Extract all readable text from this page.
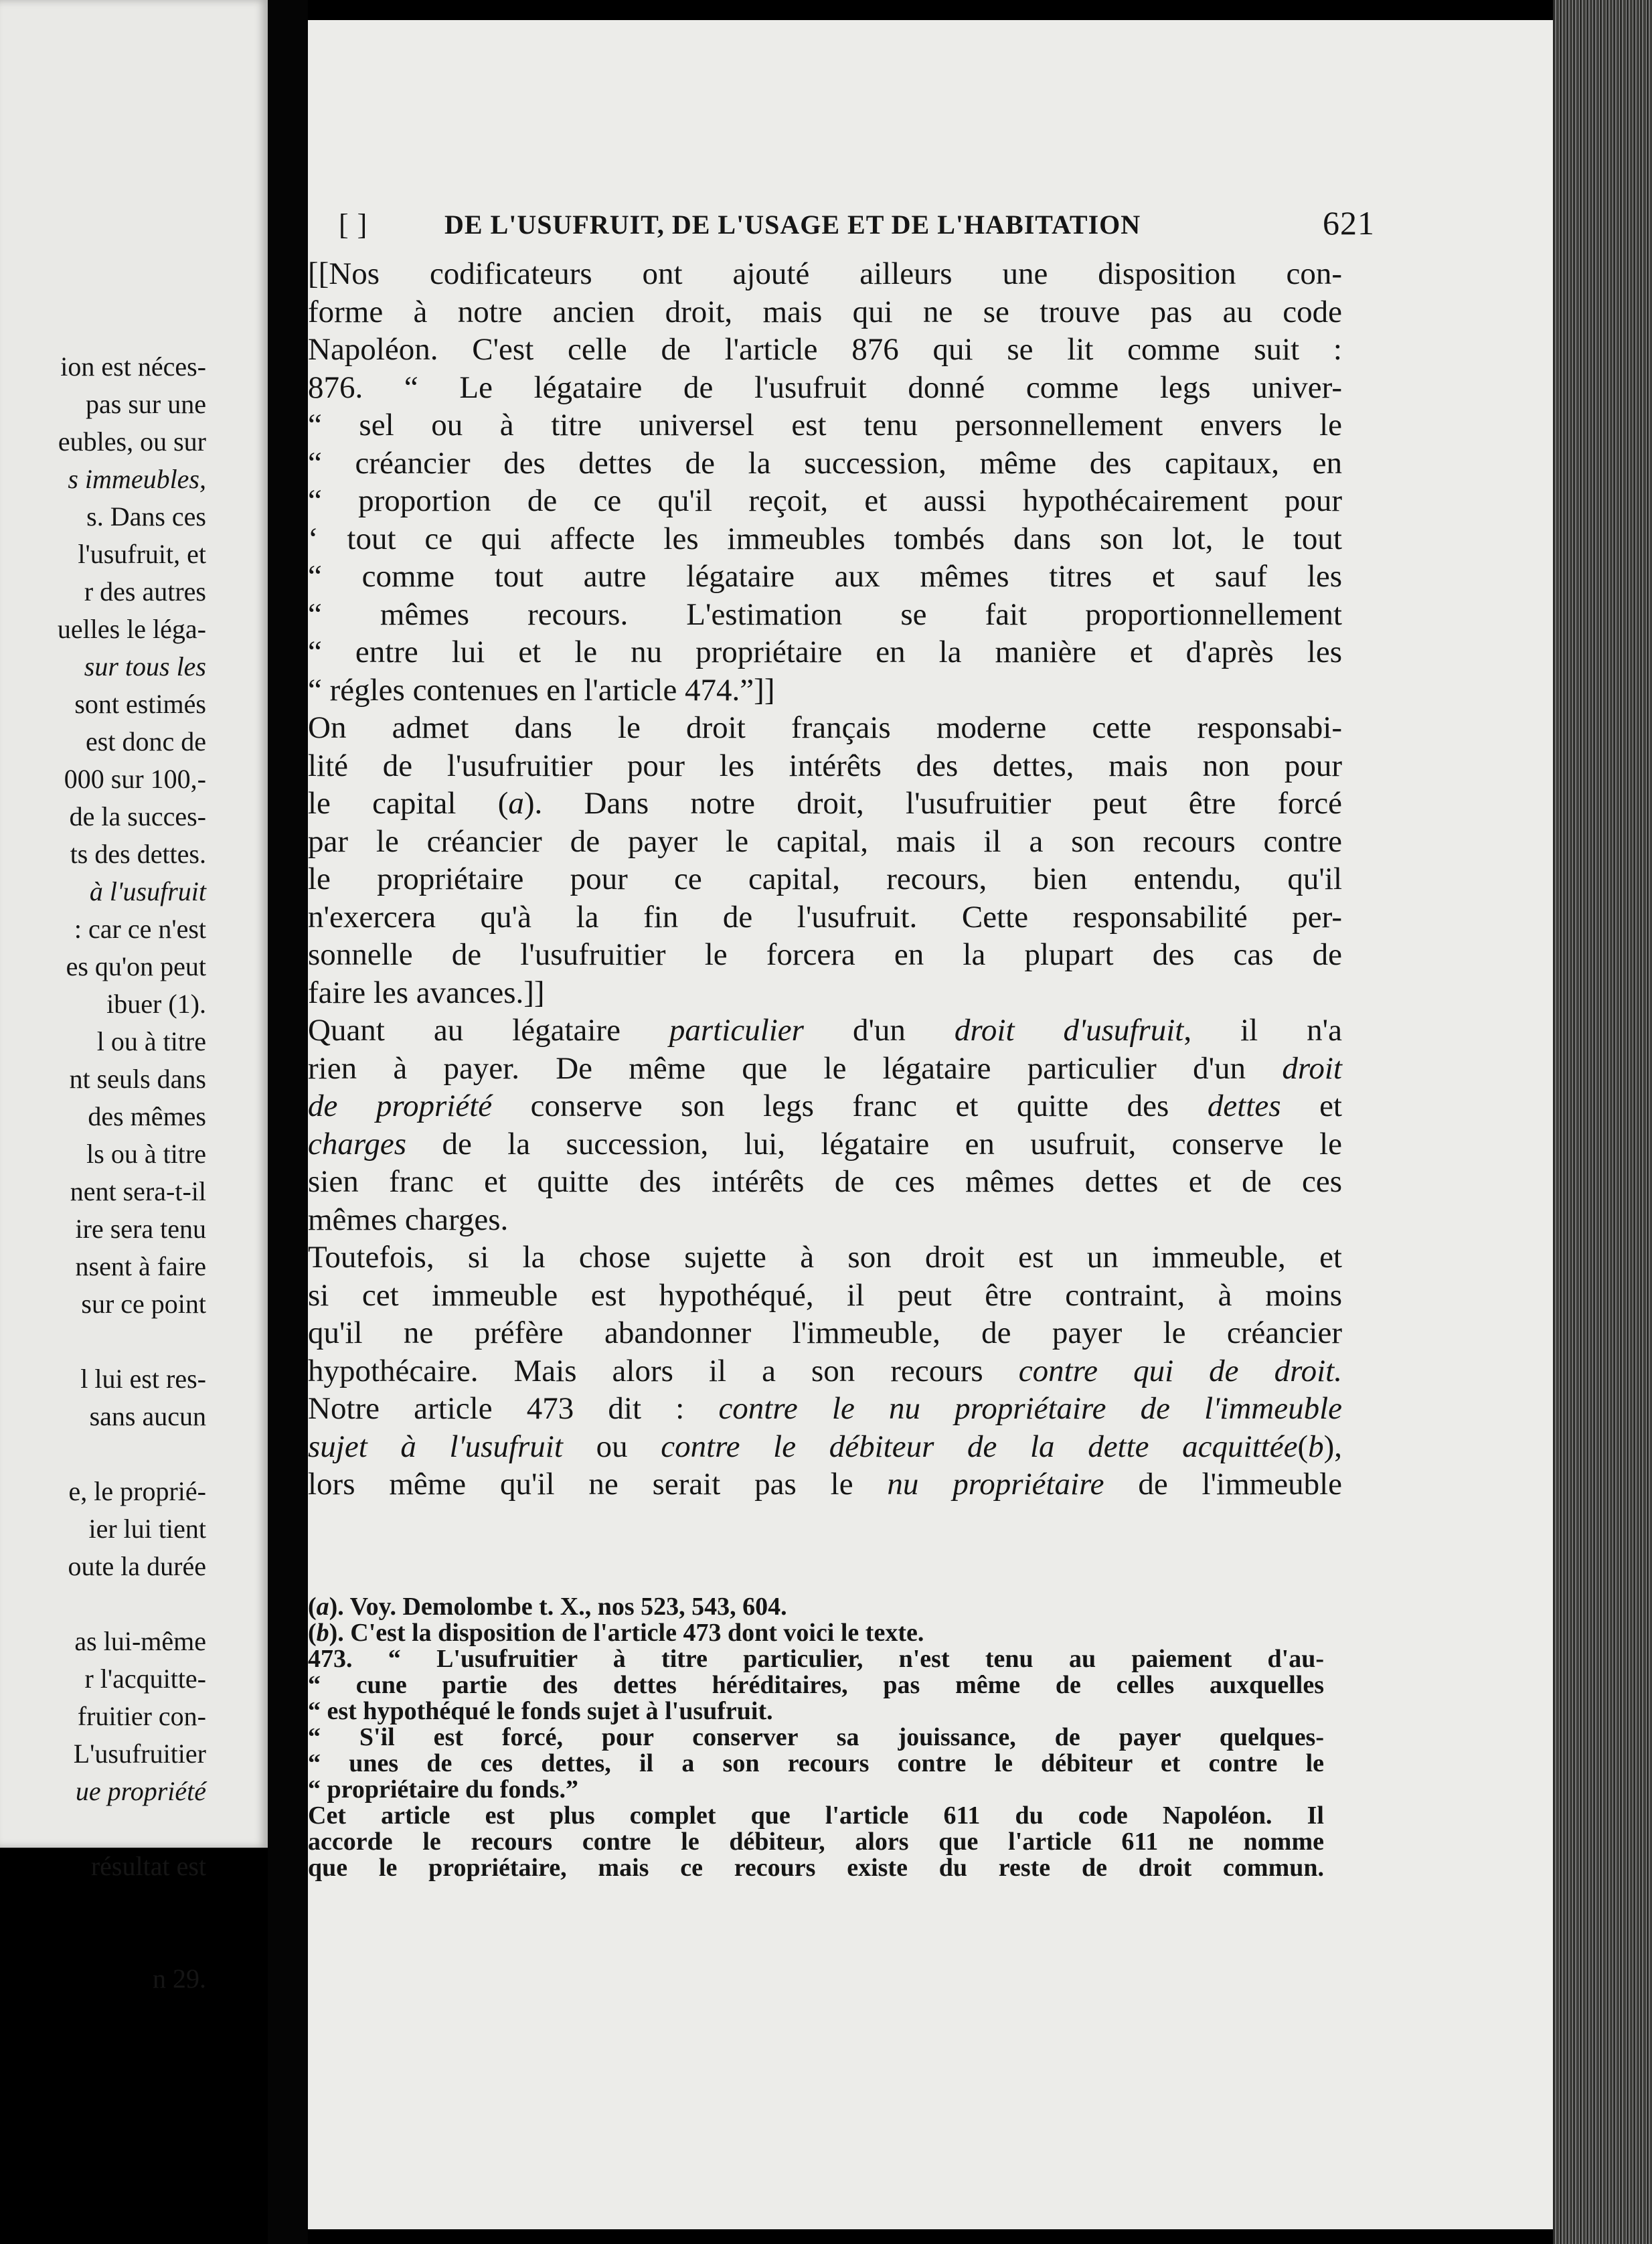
ion est néces-
pas sur une
eubles, ou sur
s immeubles,
s. Dans ces
l'usufruit, et
r des autres
uelles le léga-
sur tous les
sont estimés
est donc de
000 sur 100,-
de la succes-
ts des dettes.
à l'usufruit
: car ce n'est
es qu'on peut
ibuer (1).
l ou à titre
nt seuls dans
des mêmes
ls ou à titre
nent sera-t-il
ire sera tenu
nsent à faire
sur ce point
l lui est res-
sans aucun
e, le proprié-
ier lui tient
oute la durée
as lui-même
r l'acquitte-
fruitier con-
L'usufruitier
ue propriété
résultat est
n 29.
[ ]	DE L'USUFRUIT, DE L'USAGE ET DE L'HABITATION	621
[[Nos codificateurs ont ajouté ailleurs une disposition con-
forme à notre ancien droit, mais qui ne se trouve pas au code
Napoléon. C'est celle de l'article 876 qui se lit comme suit :
876. “ Le légataire de l'usufruit donné comme legs univer-
“ sel ou à titre universel est tenu personnellement envers le
“ créancier des dettes de la succession, même des capitaux, en
“ proportion de ce qu'il reçoit, et aussi hypothécairement pour
‘ tout ce qui affecte les immeubles tombés dans son lot, le tout
“ comme tout autre légataire aux mêmes titres et sauf les
“ mêmes recours. L'estimation se fait proportionnellement
“ entre lui et le nu propriétaire en la manière et d'après les
“ régles contenues en l'article 474.”]]
On admet dans le droit français moderne cette responsabi-
lité de l'usufruitier pour les intérêts des dettes, mais non pour
le capital (a). Dans notre droit, l'usufruitier peut être forcé
par le créancier de payer le capital, mais il a son recours contre
le propriétaire pour ce capital, recours, bien entendu, qu'il
n'exercera qu'à la fin de l'usufruit. Cette responsabilité per-
sonnelle de l'usufruitier le forcera en la plupart des cas de
faire les avances.]]
Quant au légataire particulier d'un droit d'usufruit, il n'a
rien à payer. De même que le légataire particulier d'un droit
de propriété conserve son legs franc et quitte des dettes et
charges de la succession, lui, légataire en usufruit, conserve le
sien franc et quitte des intérêts de ces mêmes dettes et de ces
mêmes charges.
Toutefois, si la chose sujette à son droit est un immeuble, et
si cet immeuble est hypothéqué, il peut être contraint, à moins
qu'il ne préfère abandonner l'immeuble, de payer le créancier
hypothécaire. Mais alors il a son recours contre qui de droit.
Notre article 473 dit : contre le nu propriétaire de l'immeuble
sujet à l'usufruit ou contre le débiteur de la dette acquittée(b),
lors même qu'il ne serait pas le nu propriétaire de l'immeuble
(a). Voy. Demolombe t. X., nos 523, 543, 604.
(b). C'est la disposition de l'article 473 dont voici le texte.
473. “ L'usufruitier à titre particulier, n'est tenu au paiement d'au-
“ cune partie des dettes héréditaires, pas même de celles auxquelles
“ est hypothéqué le fonds sujet à l'usufruit.
“ S'il est forcé, pour conserver sa jouissance, de payer quelques-
“ unes de ces dettes, il a son recours contre le débiteur et contre le
“ propriétaire du fonds.”
Cet article est plus complet que l'article 611 du code Napoléon. Il
accorde le recours contre le débiteur, alors que l'article 611 ne nomme
que le propriétaire, mais ce recours existe du reste de droit commun.
